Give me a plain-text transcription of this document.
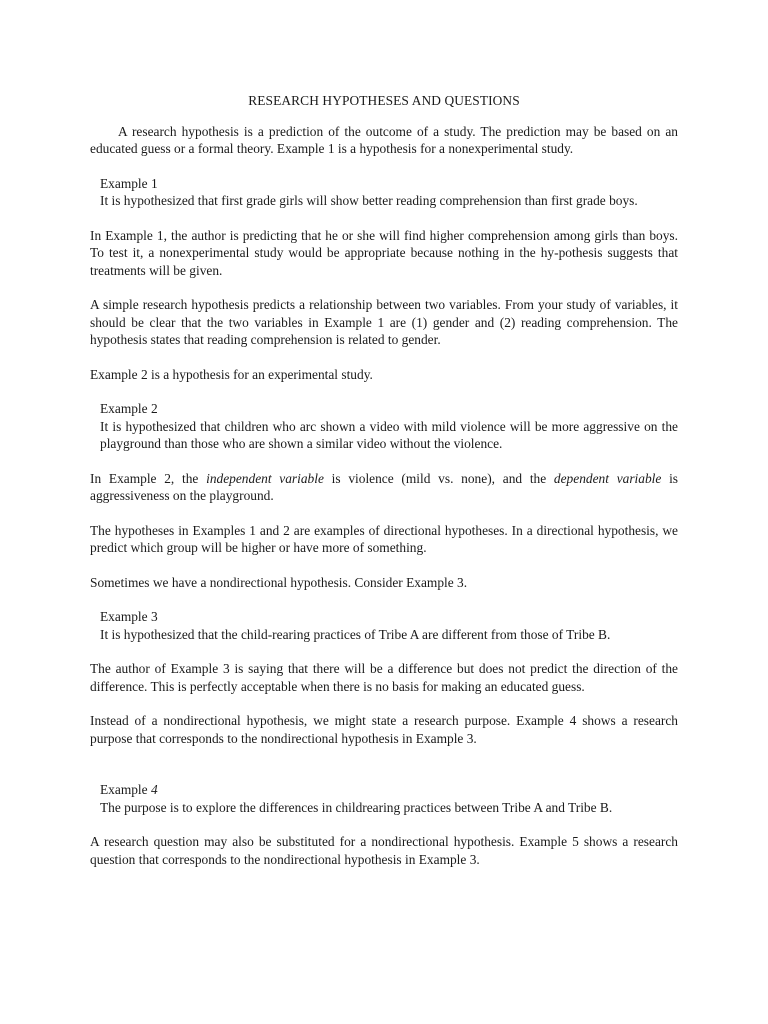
RESEARCH HYPOTHESES AND QUESTIONS

A research hypothesis is a prediction of the outcome of a study. The prediction may be based on an educated guess or a formal theory. Example 1 is a hypothesis for a nonexperimental study.

Example 1
It is hypothesized that first grade girls will show better reading comprehension than first grade boys.

In Example 1, the author is predicting that he or she will find higher comprehension among girls than boys. To test it, a nonexperimental study would be appropriate because nothing in the hy-pothesis suggests that treatments will be given.

A simple research hypothesis predicts a relationship between two variables. From your study of variables, it should be clear that the two variables in Example 1 are (1) gender and (2) reading comprehension. The hypothesis states that reading comprehension is related to gender.

Example 2 is a hypothesis for an experimental study.

Example 2
It is hypothesized that children who arc shown a video with mild violence will be more aggressive on the playground than those who are shown a similar video without the violence.

In Example 2, the independent variable is violence (mild vs. none), and the dependent variable is aggressiveness on the playground.

The hypotheses in Examples 1 and 2 are examples of directional hypotheses. In a directional hypothesis, we predict which group will be higher or have more of something.

Sometimes we have a nondirectional hypothesis. Consider Example 3.

Example 3
It is hypothesized that the child-rearing practices of Tribe A are different from those of Tribe B.

The author of Example 3 is saying that there will be a difference but does not predict the direction of the difference. This is perfectly acceptable when there is no basis for making an educated guess.

Instead of a nondirectional hypothesis, we might state a research purpose. Example 4 shows a research purpose that corresponds to the nondirectional hypothesis in Example 3.

Example 4
The purpose is to explore the differences in childrearing practices between Tribe A and Tribe B.

A research question may also be substituted for a nondirectional hypothesis. Example 5 shows a research question that corresponds to the nondirectional hypothesis in Example 3.
